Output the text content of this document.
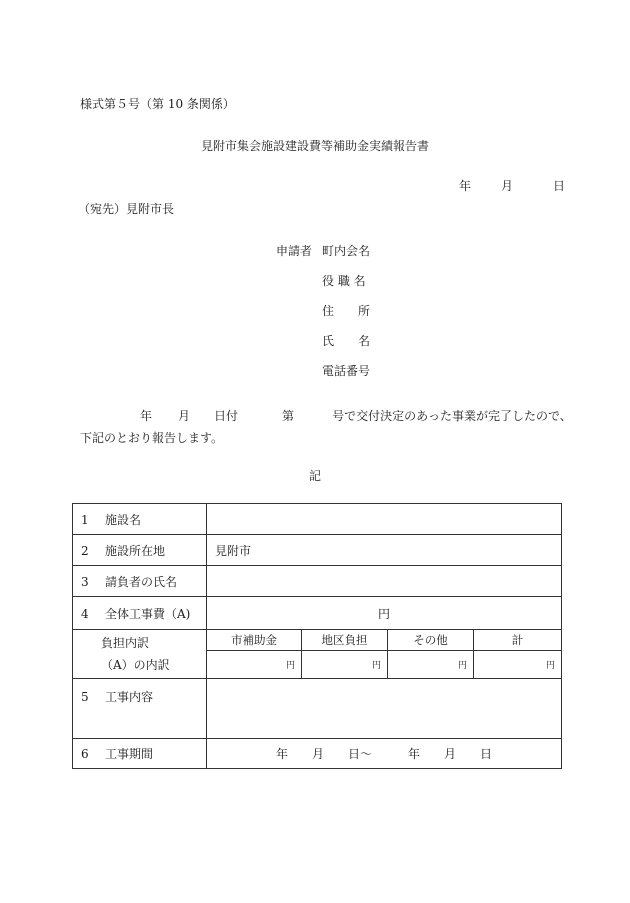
様式第５号（第 10 条関係）
見附市集会施設建設費等補助金実績報告書
年	月	日
（宛先）見附市長
申請者 町内会名
役 職 名
住　　所
氏　　名
電話番号
年 月 日付	第	号で交付決定のあった事業が完了したので、
下記のとおり報告します。
記
1 施設名				
2 施設所在地	見附市			
3 請負者の氏名				
4 全体工事費（A)	円			

負担内訳
（A）の内訳	市補助金	地区負担	その他	計
	円	円	円	円
5 工事内容				
6 工事期間	年　　月　　日〜　　　年　　月　　日			
